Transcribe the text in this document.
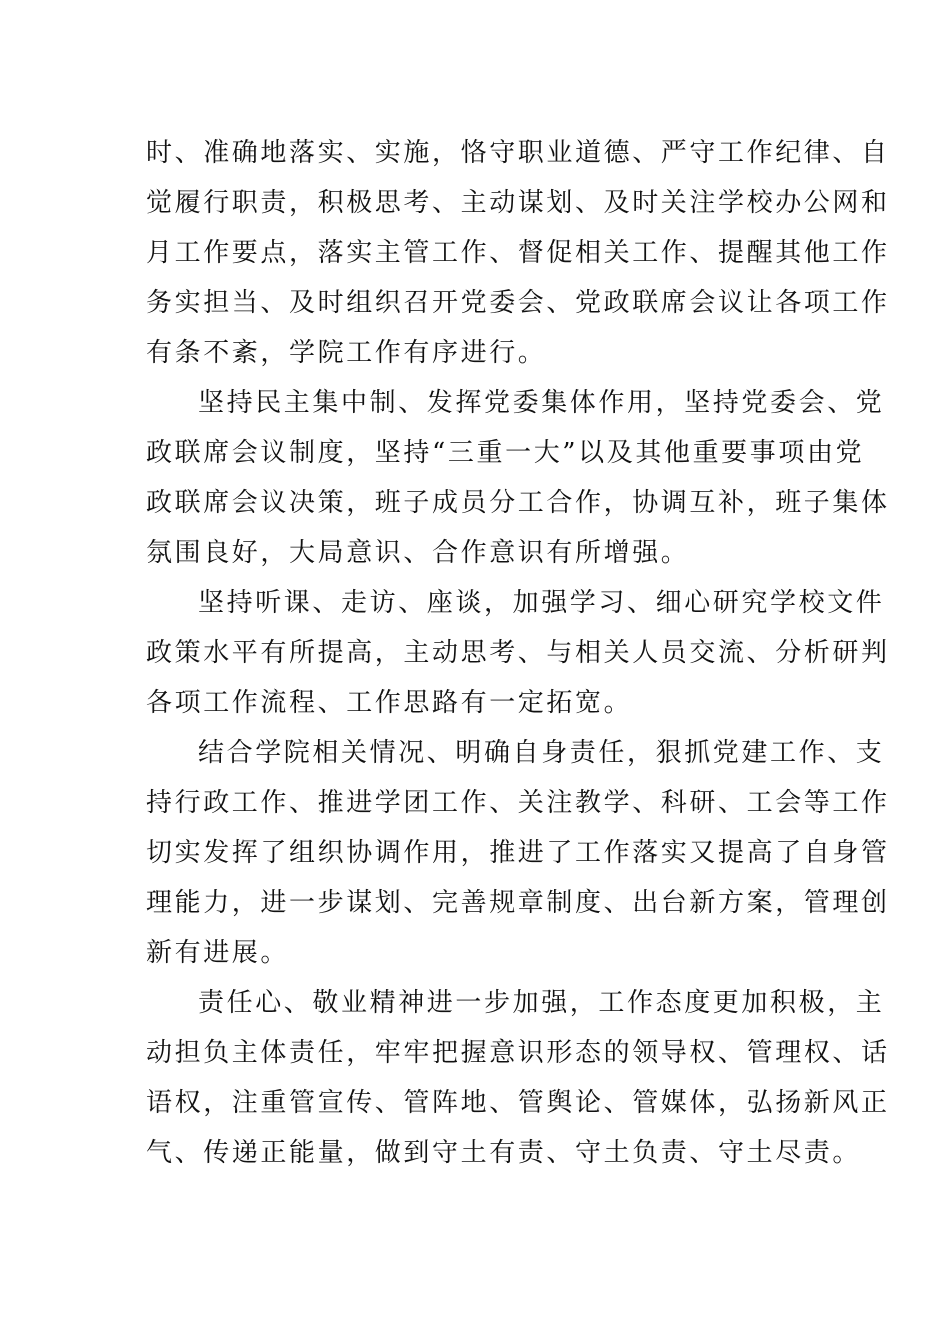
时、准确地落实、实施，恪守职业道德、严守工作纪律、自
觉履行职责，积极思考、主动谋划、及时关注学校办公网和
月工作要点，落实主管工作、督促相关工作、提醒其他工作
务实担当、及时组织召开党委会、党政联席会议让各项工作
有条不紊，学院工作有序进行。
坚持民主集中制、发挥党委集体作用，坚持党委会、党
政联席会议制度，坚持“三重一大”以及其他重要事项由党
政联席会议决策，班子成员分工合作，协调互补，班子集体
氛围良好，大局意识、合作意识有所增强。
坚持听课、走访、座谈，加强学习、细心研究学校文件
政策水平有所提高，主动思考、与相关人员交流、分析研判
各项工作流程、工作思路有一定拓宽。
结合学院相关情况、明确自身责任，狠抓党建工作、支
持行政工作、推进学团工作、关注教学、科研、工会等工作
切实发挥了组织协调作用，推进了工作落实又提高了自身管
理能力，进一步谋划、完善规章制度、出台新方案，管理创
新有进展。
责任心、敬业精神进一步加强，工作态度更加积极，主
动担负主体责任，牢牢把握意识形态的领导权、管理权、话
语权，注重管宣传、管阵地、管舆论、管媒体，弘扬新风正
气、传递正能量，做到守土有责、守土负责、守土尽责。
